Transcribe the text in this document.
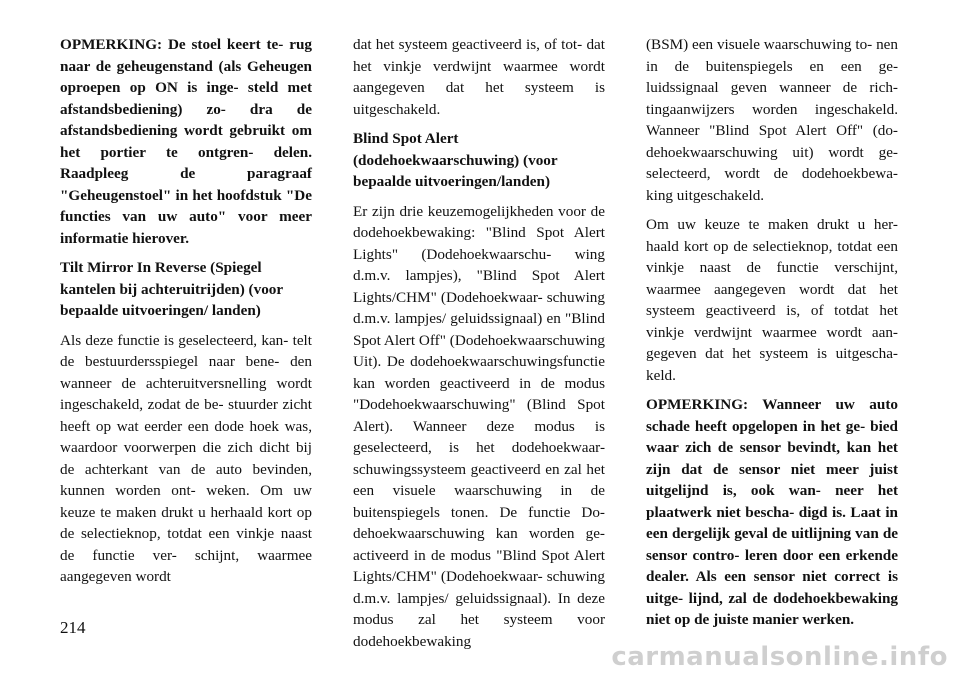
OPMERKING: De stoel keert te- rug naar de geheugenstand (als Geheugen oproepen op ON is inge- steld met afstandsbediening) zo- dra de afstandsbediening wordt gebruikt om het portier te ontgren- delen. Raadpleeg de paragraaf "Geheugenstoel" in het hoofdstuk "De functies van uw auto" voor meer informatie hierover.

Tilt Mirror In Reverse (Spiegel kantelen bij achteruitrijden) (voor bepaalde uitvoeringen/ landen)

Als deze functie is geselecteerd, kan- telt de bestuurdersspiegel naar bene- den wanneer de achteruitversnelling wordt ingeschakeld, zodat de be- stuurder zicht heeft op wat eerder een dode hoek was, waardoor voorwerpen die zich dicht bij de achterkant van de auto bevinden, kunnen worden ont- weken. Om uw keuze te maken drukt u herhaald kort op de selectieknop, totdat een vinkje naast de functie ver- schijnt, waarmee aangegeven wordt

dat het systeem geactiveerd is, of tot- dat het vinkje verdwijnt waarmee wordt aangegeven dat het systeem is uitgeschakeld.

Blind Spot Alert (dodehoekwaarschuwing) (voor bepaalde uitvoeringen/landen)

Er zijn drie keuzemogelijkheden voor de dodehoekbewaking: "Blind Spot Alert Lights" (Dodehoekwaarschu- wing d.m.v. lampjes), "Blind Spot Alert Lights/CHM" (Dodehoekwaar- schuwing d.m.v. lampjes/ geluidssignaal) en "Blind Spot Alert Off" (Dodehoekwaarschuwing Uit). De dodehoekwaarschuwingsfunctie kan worden geactiveerd in de modus "Dodehoekwaarschuwing" (Blind Spot Alert). Wanneer deze modus is geselecteerd, is het dodehoekwaar- schuwingssysteem geactiveerd en zal het een visuele waarschuwing in de buitenspiegels tonen. De functie Do- dehoekwaarschuwing kan worden ge- activeerd in de modus "Blind Spot Alert Lights/CHM" (Dodehoekwaar- schuwing d.m.v. lampjes/ geluidssignaal). In deze modus zal het systeem voor dodehoekbewaking

(BSM) een visuele waarschuwing to- nen in de buitenspiegels en een ge- luidssignaal geven wanneer de rich- tingaanwijzers worden ingeschakeld. Wanneer "Blind Spot Alert Off" (do- dehoekwaarschuwing uit) wordt ge- selecteerd, wordt de dodehoekbewa- king uitgeschakeld.

Om uw keuze te maken drukt u her- haald kort op de selectieknop, totdat een vinkje naast de functie verschijnt, waarmee aangegeven wordt dat het systeem geactiveerd is, of totdat het vinkje verdwijnt waarmee wordt aan- gegeven dat het systeem is uitgescha- keld.

OPMERKING: Wanneer uw auto schade heeft opgelopen in het ge- bied waar zich de sensor bevindt, kan het zijn dat de sensor niet meer juist uitgelijnd is, ook wan- neer het plaatwerk niet bescha- digd is. Laat in een dergelijk geval de uitlijning van de sensor contro- leren door een erkende dealer. Als een sensor niet correct is uitge- lijnd, zal de dodehoekbewaking niet op de juiste manier werken.

214
carmanualsonline.info
